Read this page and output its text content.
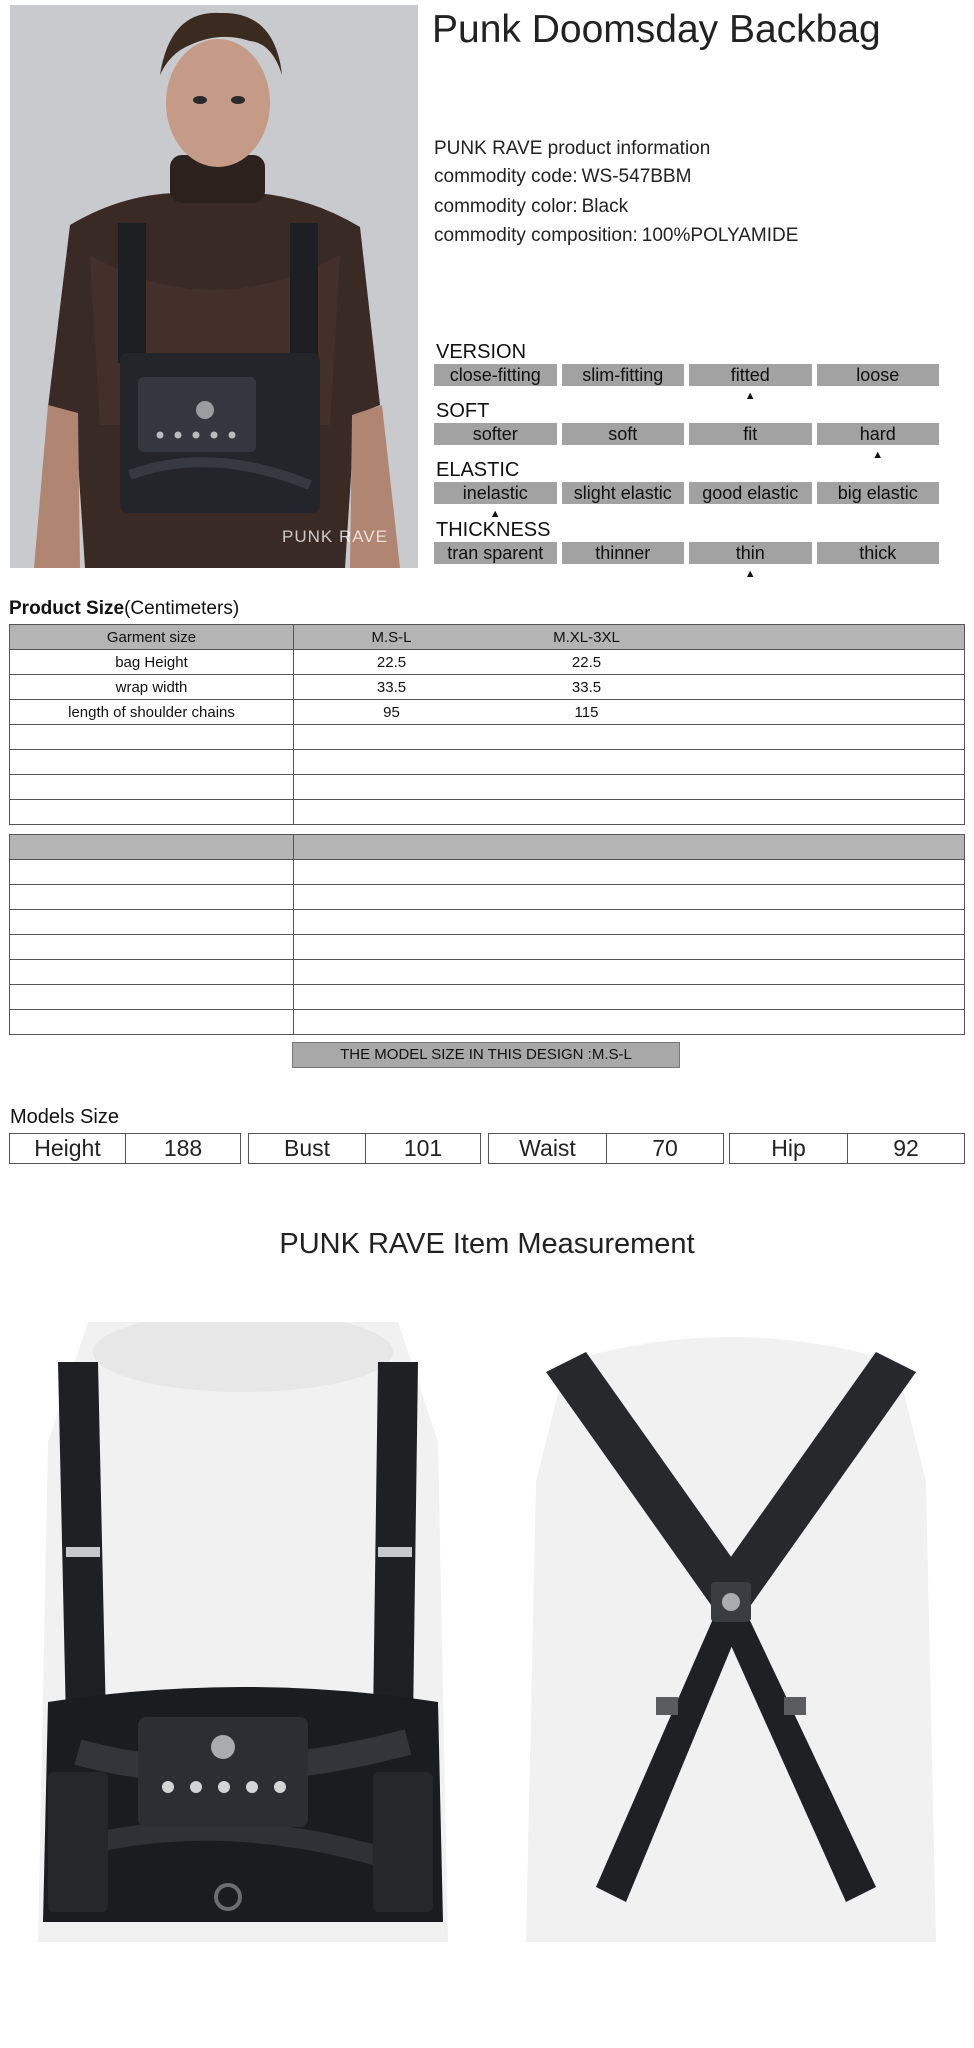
PUNK RAVE
Punk Doomsday Backbag
PUNK RAVE product information
commodity code: WS-547BBM
commodity color: Black
commodity composition: 100%POLYAMIDE
VERSION
close-fitting	slim-fitting	fitted
▲
loose
SOFT
softer	soft	fit	hard
▲
ELASTIC
inelastic
▲
slight elastic	good elastic	big elastic
THICKNESS
tran sparent	thinner	thin
▲
thick
Product Size(Centimeters)
Garment size	M.S-L M.XL-3XL

bag Height	22.5 22.5

wrap width	33.5 33.5

length of shoulder chains	95 115

THE MODEL SIZE IN THIS DESIGN :M.S-L
Models Size
Height	188	Bust	101	Waist	70	Hip	92
PUNK RAVE Item Measurement
